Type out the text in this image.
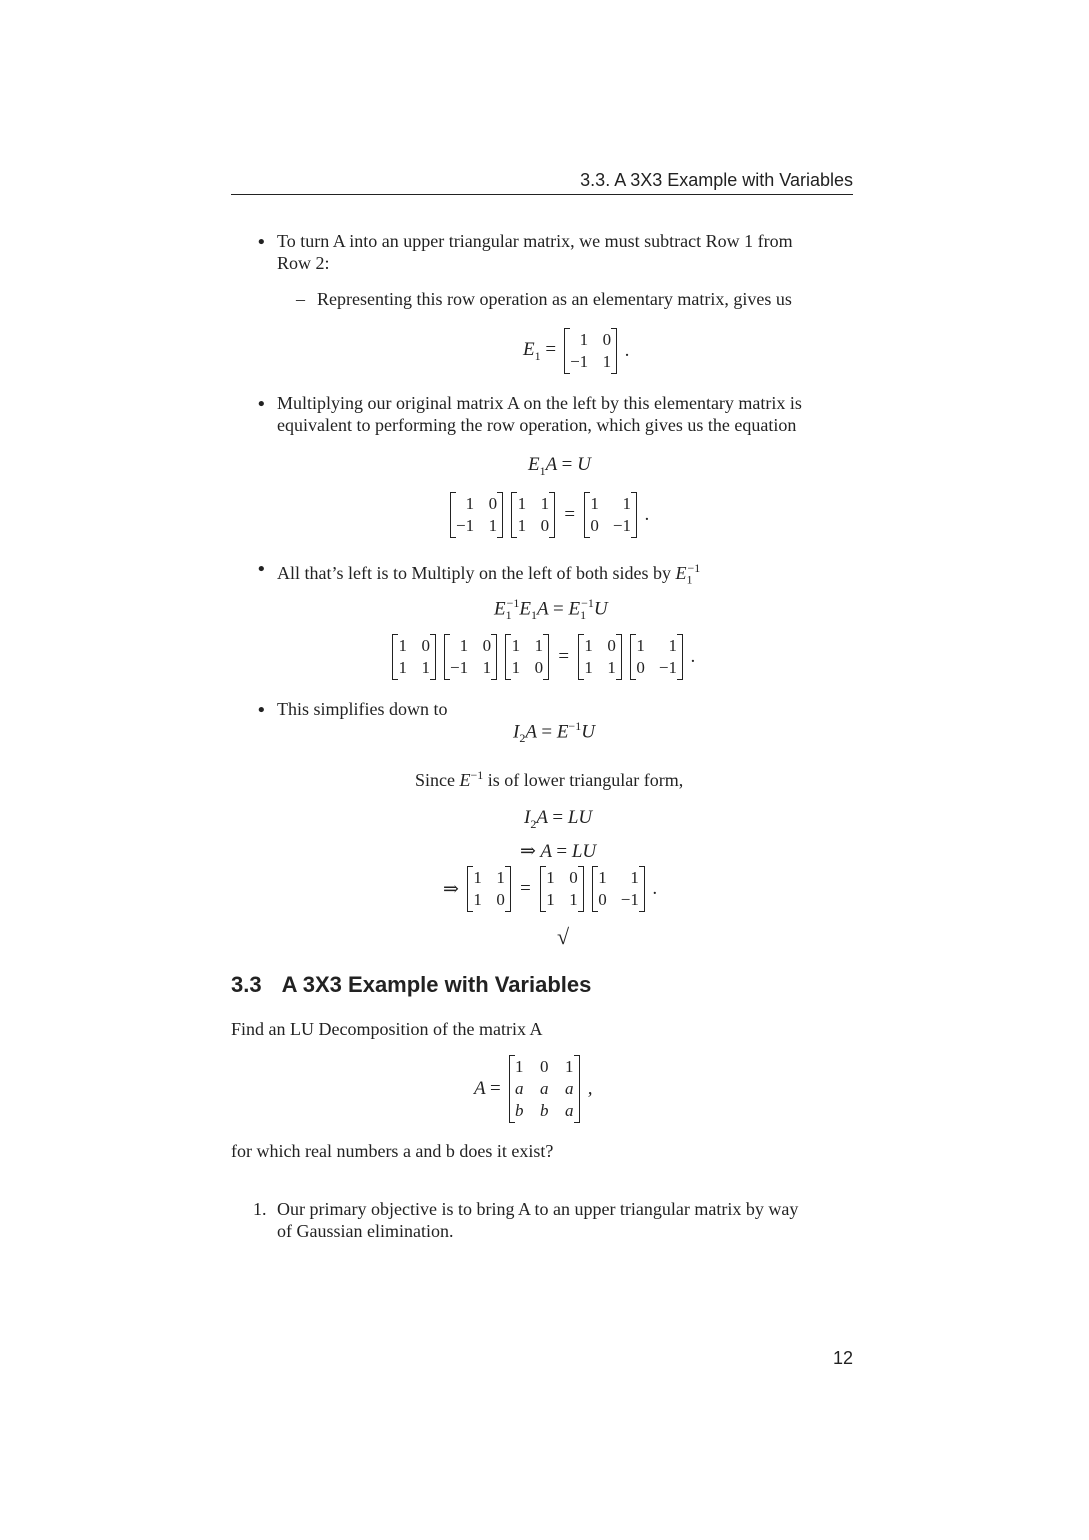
3.3. A 3X3 Example with Variables
• To turn A into an upper triangular matrix, we must subtract Row 1 from
Row 2:
– Representing this row operation as an elementary matrix, gives us
$E_1$ =	1 0
−1 1
.
• Multiplying our original matrix A on the left by this elementary matrix is
equivalent to performing the row operation, which gives us the equation
$E_1A = U$
1 0
−1 1
1 1
1 0
=
1	1
0 −1
.
• All that’s left is to Multiply on the left of both sides by $E_1^{-1}$
$E_1^{-1}E_1A = E_1^{-1}U$
1 0
1 1
1 0
−1 1
1 1
1 0
=
1 0
1 1
1	1
0 −1
.
• This simplifies down to
$I_2A = E^{-1}U$
Since $E^{-1}$ is of lower triangular form,
$I_2A$ = LU
⇒ A = LU
⇒
1 1
1 0
=
1 0
1 1
1	1
0 −1
.
√
3.3 A 3X3 Example with Variables
Find an LU Decomposition of the matrix A
A =
1 0 1
a a a
b b a
,
for which real numbers a and b does it exist?
1. Our primary objective is to bring A to an upper triangular matrix by way
of Gaussian elimination.
12
